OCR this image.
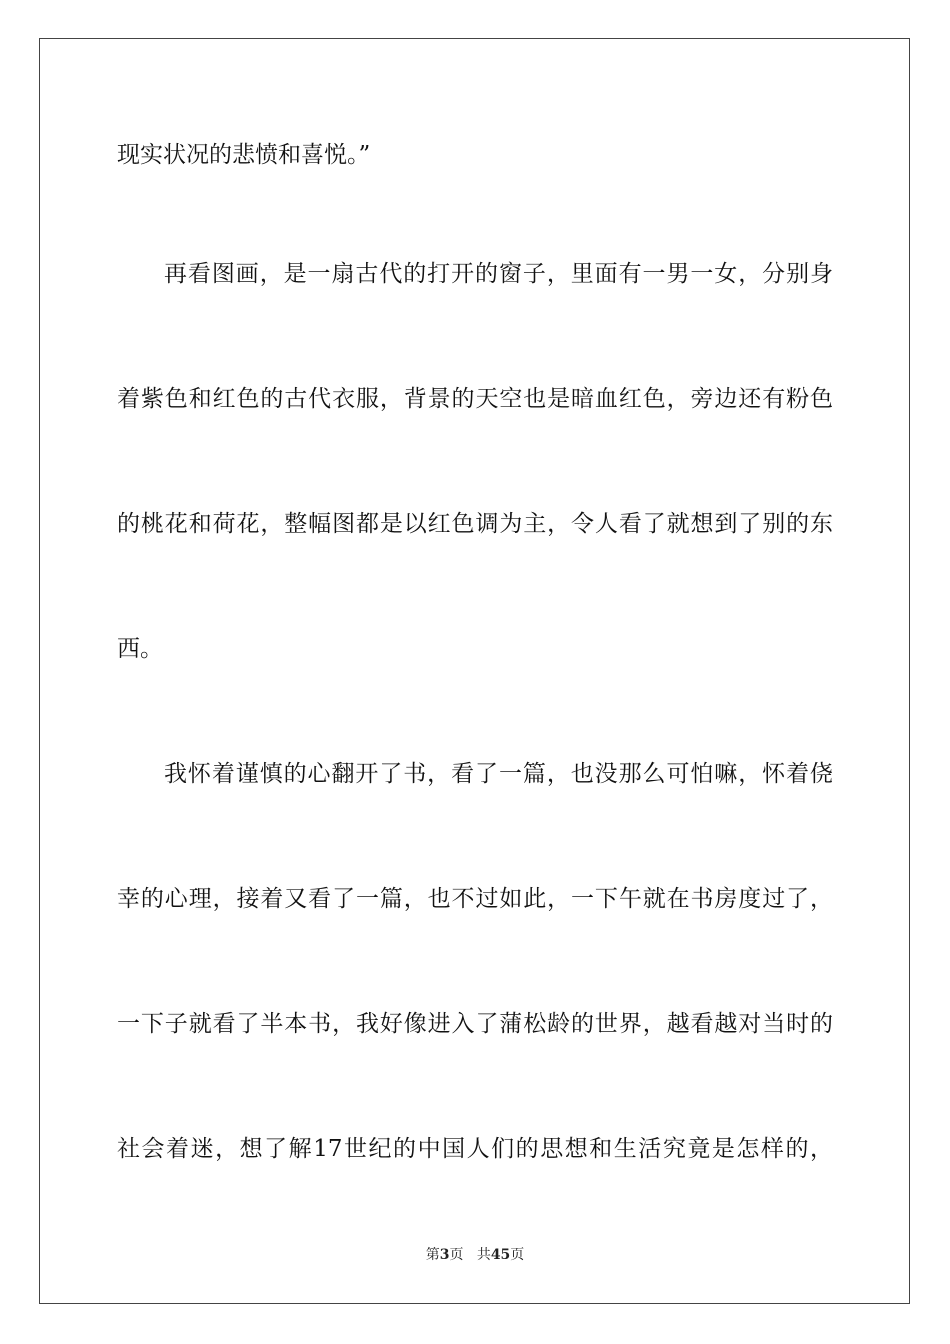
现实状况的悲愤和喜悦。”
再看图画，是一扇古代的打开的窗子，里面有一男一女，分别身
着紫色和红色的古代衣服，背景的天空也是暗血红色，旁边还有粉色
的桃花和荷花，整幅图都是以红色调为主，令人看了就想到了别的东
西。
我怀着谨慎的心翻开了书，看了一篇，也没那么可怕嘛，怀着侥
幸的心理，接着又看了一篇，也不过如此，一下午就在书房度过了，
一下子就看了半本书，我好像进入了蒲松龄的世界，越看越对当时的
社会着迷，想了解17世纪的中国人们的思想和生活究竟是怎样的，
第3页 共45页
